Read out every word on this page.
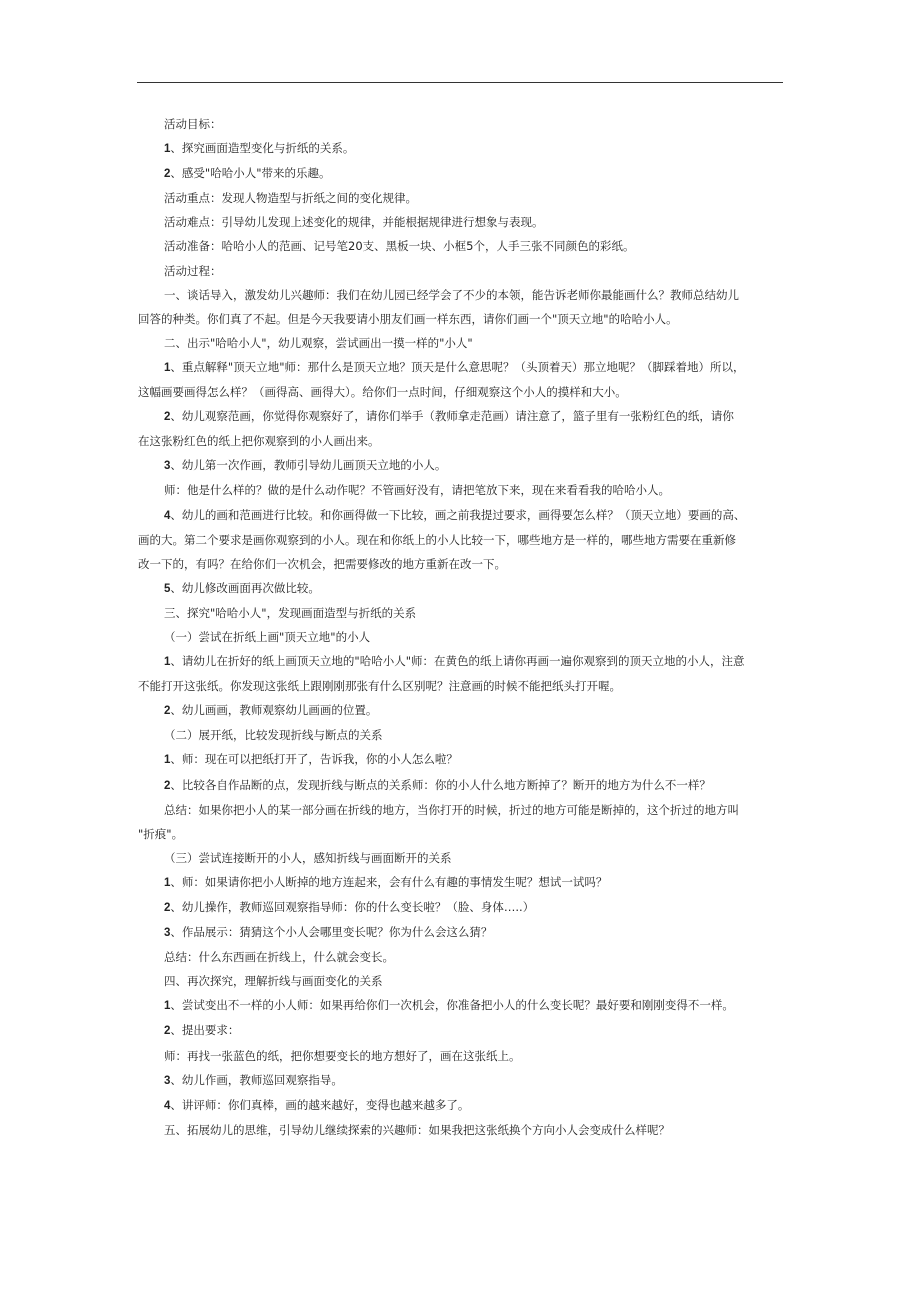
活动目标：
1、探究画面造型变化与折纸的关系。
2、感受"哈哈小人"带来的乐趣。
活动重点：发现人物造型与折纸之间的变化规律。
活动难点：引导幼儿发现上述变化的规律，并能根据规律进行想象与表现。
活动准备：哈哈小人的范画、记号笔20支、黑板一块、小框5个，人手三张不同颜色的彩纸。
活动过程：
一、谈话导入，激发幼儿兴趣师：我们在幼儿园已经学会了不少的本领，能告诉老师你最能画什么？教师总结幼儿
回答的种类。你们真了不起。但是今天我要请小朋友们画一样东西，请你们画一个"顶天立地"的哈哈小人。
二、出示"哈哈小人"，幼儿观察，尝试画出一摸一样的"小人"
1、重点解释"顶天立地"师：那什么是顶天立地？顶天是什么意思呢？（头顶着天）那立地呢？（脚踩着地）所以，
这幅画要画得怎么样？（画得高、画得大）。给你们一点时间，仔细观察这个小人的摸样和大小。
2、幼儿观察范画，你觉得你观察好了，请你们举手（教师拿走范画）请注意了，篮子里有一张粉红色的纸，请你
在这张粉红色的纸上把你观察到的小人画出来。
3、幼儿第一次作画，教师引导幼儿画顶天立地的小人。
师：他是什么样的？做的是什么动作呢？不管画好没有，请把笔放下来，现在来看看我的哈哈小人。
4、幼儿的画和范画进行比较。和你画得做一下比较，画之前我提过要求，画得要怎么样？（顶天立地）要画的高、
画的大。第二个要求是画你观察到的小人。现在和你纸上的小人比较一下，哪些地方是一样的，哪些地方需要在重新修
改一下的，有吗？在给你们一次机会，把需要修改的地方重新在改一下。
5、幼儿修改画面再次做比较。
三、探究"哈哈小人"，发现画面造型与折纸的关系
（一）尝试在折纸上画"顶天立地"的小人
1、请幼儿在折好的纸上画顶天立地的"哈哈小人"师：在黄色的纸上请你再画一遍你观察到的顶天立地的小人，注意
不能打开这张纸。你发现这张纸上跟刚刚那张有什么区别呢？注意画的时候不能把纸头打开喔。
2、幼儿画画，教师观察幼儿画画的位置。
（二）展开纸，比较发现折线与断点的关系
1、师：现在可以把纸打开了，告诉我，你的小人怎么啦？
2、比较各自作品断的点，发现折线与断点的关系师：你的小人什么地方断掉了？断开的地方为什么不一样？
总结：如果你把小人的某一部分画在折线的地方，当你打开的时候，折过的地方可能是断掉的，这个折过的地方叫
"折痕"。
（三）尝试连接断开的小人，感知折线与画面断开的关系
1、师：如果请你把小人断掉的地方连起来，会有什么有趣的事情发生呢？想试一试吗？
2、幼儿操作，教师巡回观察指导师：你的什么变长啦？（脸、身体…..）
3、作品展示：猜猜这个小人会哪里变长呢？你为什么会这么猜？
总结：什么东西画在折线上，什么就会变长。
四、再次探究，理解折线与画面变化的关系
1、尝试变出不一样的小人师：如果再给你们一次机会，你准备把小人的什么变长呢？最好要和刚刚变得不一样。
2、提出要求：
师：再找一张蓝色的纸，把你想要变长的地方想好了，画在这张纸上。
3、幼儿作画，教师巡回观察指导。
4、讲评师：你们真棒，画的越来越好，变得也越来越多了。
五、拓展幼儿的思维，引导幼儿继续探索的兴趣师：如果我把这张纸换个方向小人会变成什么样呢？
